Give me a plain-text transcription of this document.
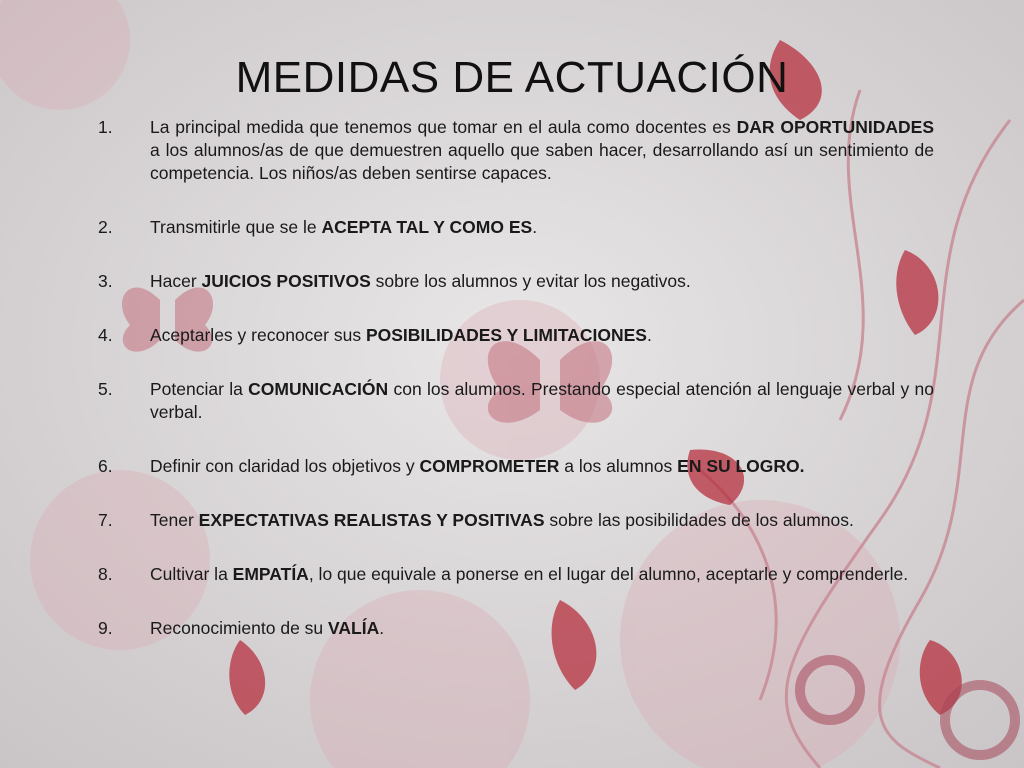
MEDIDAS DE ACTUACIÓN
1.	La principal medida que tenemos que tomar en el aula como docentes es DAR OPORTUNIDADES a los alumnos/as de que demuestren aquello que saben hacer, desarrollando así un sentimiento de competencia. Los niños/as deben sentirse capaces.
2.	Transmitirle que se le ACEPTA TAL Y COMO ES.
3.	Hacer JUICIOS POSITIVOS sobre los alumnos y evitar los negativos.
4.	Aceptarles y reconocer sus POSIBILIDADES Y LIMITACIONES.
5.	Potenciar la COMUNICACIÓN con los alumnos. Prestando especial atención al lenguaje verbal y no verbal.
6.	Definir con claridad los objetivos y COMPROMETER a los alumnos EN SU LOGRO.
7.	Tener EXPECTATIVAS REALISTAS Y POSITIVAS sobre las posibilidades de los alumnos.
8.	Cultivar la EMPATÍA, lo que equivale a ponerse en el lugar del alumno, aceptarle y comprenderle.
9.	Reconocimiento de su VALÍA.
